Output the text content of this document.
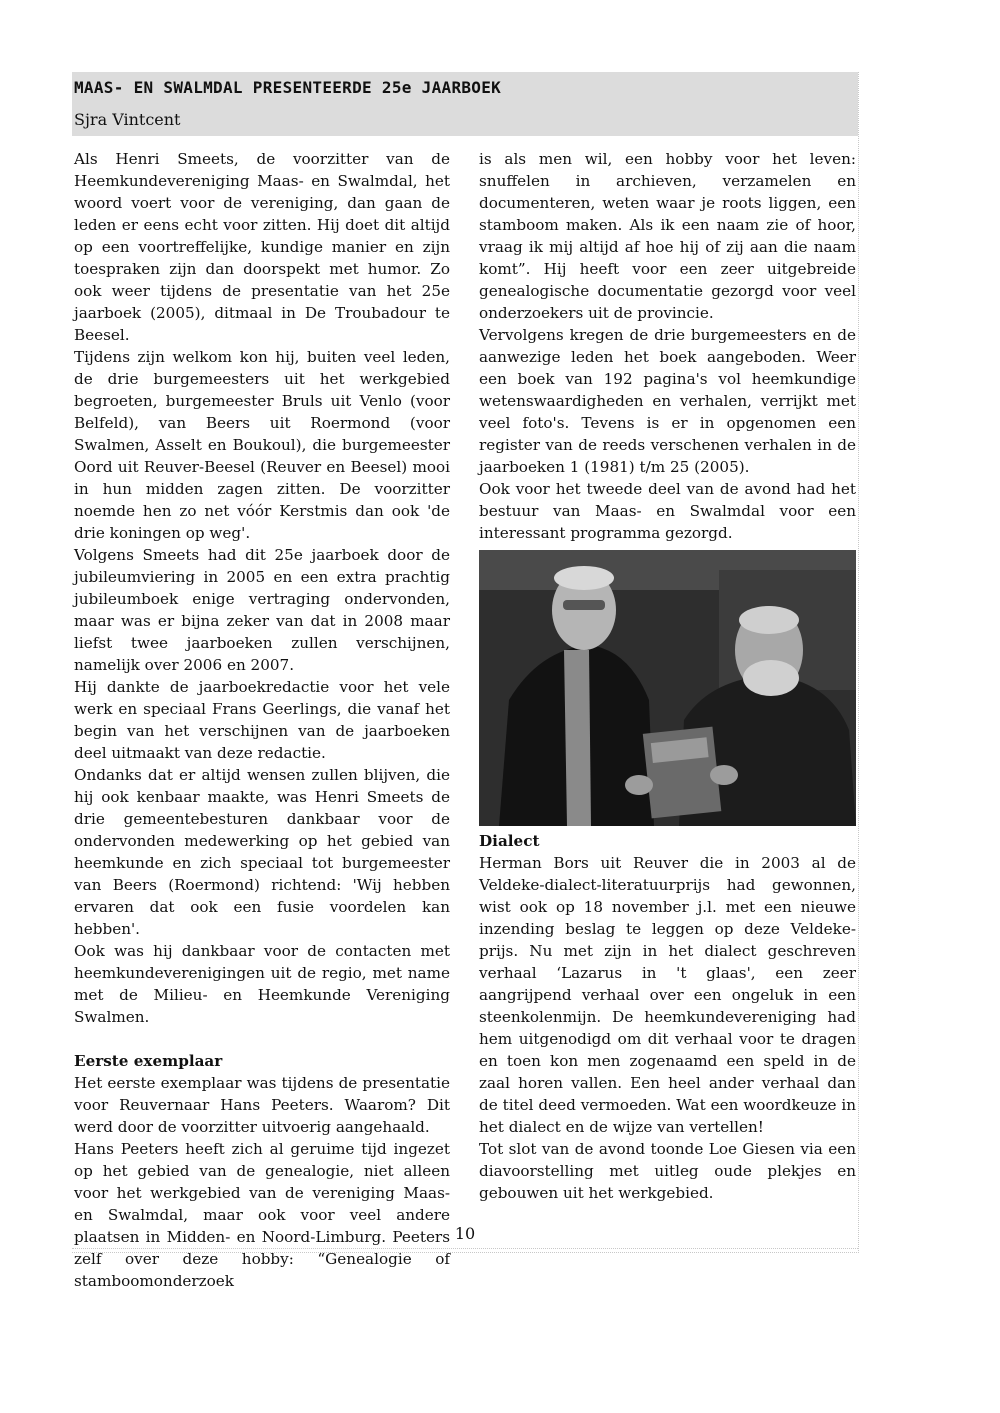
MAAS- EN SWALMDAL PRESENTEERDE 25e JAARBOEK
Sjra Vintcent

Als Henri Smeets, de voorzitter van de Heemkundevereniging Maas- en Swalmdal, het woord voert voor de vereniging, dan gaan de leden er eens echt voor zitten. Hij doet dit altijd op een voortreffelijke, kundige manier en zijn toespraken zijn dan doorspekt met humor. Zo ook weer tijdens de presentatie van het 25e jaarboek (2005), ditmaal in De Troubadour te Beesel.

Tijdens zijn welkom kon hij, buiten veel leden, de drie burgemeesters uit het werkgebied begroeten, burgemeester Bruls uit Venlo (voor Belfeld), van Beers uit Roermond (voor Swalmen, Asselt en Boukoul), die burgemeester Oord uit Reuver-Beesel (Reuver en Beesel) mooi in hun midden zagen zitten. De voorzitter noemde hen zo net vóór Kerstmis dan ook 'de drie koningen op weg'.

Volgens Smeets had dit 25e jaarboek door de jubileumviering in 2005 en een extra prachtig jubileumboek enige vertraging ondervonden, maar was er bijna zeker van dat in 2008 maar liefst twee jaarboeken zullen verschijnen, namelijk over 2006 en 2007.

Hij dankte de jaarboekredactie voor het vele werk en speciaal Frans Geerlings, die vanaf het begin van het verschijnen van de jaarboeken deel uitmaakt van deze redactie.

Ondanks dat er altijd wensen zullen blijven, die hij ook kenbaar maakte, was Henri Smeets de drie gemeentebesturen dankbaar voor de ondervonden medewerking op het gebied van heemkunde en zich speciaal tot burgemeester van Beers (Roermond) richtend: 'Wij hebben ervaren dat ook een fusie voordelen kan hebben'.

Ook was hij dankbaar voor de contacten met heemkundeverenigingen uit de regio, met name met de Milieu- en Heemkunde Vereniging Swalmen.

Eerste exemplaar

Het eerste exemplaar was tijdens de presentatie voor Reuvernaar Hans Peeters. Waarom? Dit werd door de voorzitter uitvoerig aangehaald.

Hans Peeters heeft zich al geruime tijd ingezet op het gebied van de genealogie, niet alleen voor het werkgebied van de vereniging Maas- en Swalmdal, maar ook voor veel andere plaatsen in Midden- en Noord-Limburg. Peeters zelf over deze hobby: “Genealogie of stamboomonderzoek

is als men wil, een hobby voor het leven: snuffelen in archieven, verzamelen en documenteren, weten waar je roots liggen, een stamboom maken. Als ik een naam zie of hoor, vraag ik mij altijd af hoe hij of zij aan die naam komt”. Hij heeft voor een zeer uitgebreide genealogische documentatie gezorgd voor veel onderzoekers uit de provincie.

Vervolgens kregen de drie burgemeesters en de aanwezige leden het boek aangeboden. Weer een boek van 192 pagina's vol heemkundige wetenswaardigheden en verhalen, verrijkt met veel foto's. Tevens is er in opgenomen een register van de reeds verschenen verhalen in de jaarboeken 1 (1981) t/m 25 (2005).

Ook voor het tweede deel van de avond had het bestuur van Maas- en Swalmdal voor een interessant programma gezorgd.

Dialect

Herman Bors uit Reuver die in 2003 al de Veldeke-dialect-literatuurprijs had gewonnen, wist ook op 18 november j.l. met een nieuwe inzending beslag te leggen op deze Veldeke-prijs. Nu met zijn in het dialect geschreven verhaal ‘Lazarus in 't glaas', een zeer aangrijpend verhaal over een ongeluk in een steenkolenmijn. De heemkundevereniging had hem uitgenodigd om dit verhaal voor te dragen en toen kon men zogenaamd een speld in de zaal horen vallen. Een heel ander verhaal dan de titel deed vermoeden. Wat een woordkeuze in het dialect en de wijze van vertellen!

Tot slot van de avond toonde Loe Giesen via een diavoorstelling met uitleg oude plekjes en gebouwen uit het werkgebied.

10
